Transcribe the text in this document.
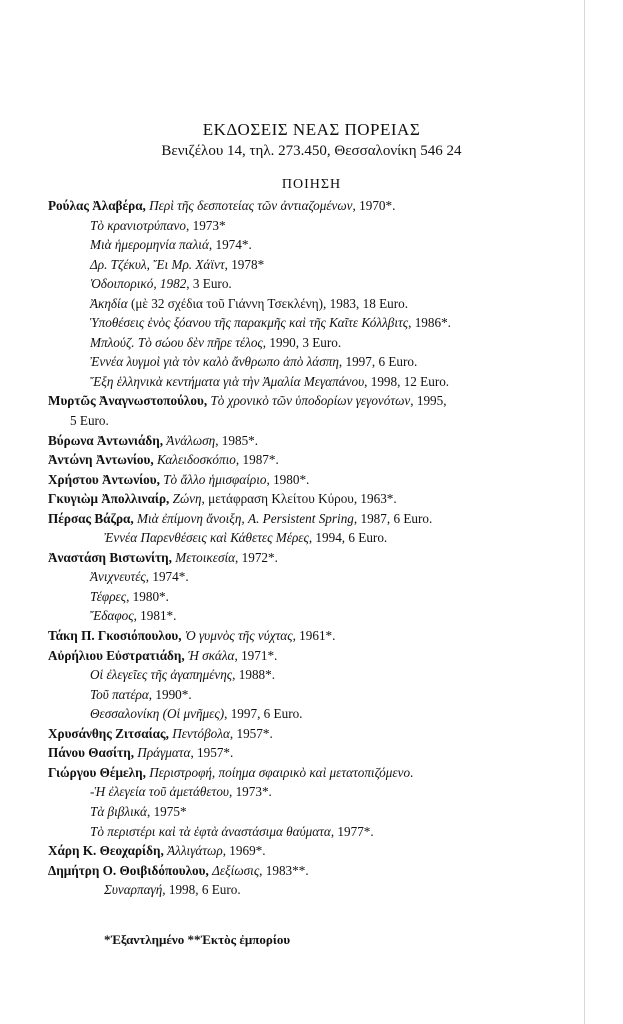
ΕΚΔΟΣΕΙΣ ΝΕΑΣ ΠΟΡΕΙΑΣ
Βενιζέλου 14, τηλ. 273.450, Θεσσαλονίκη 546 24
ΠΟΙΗΣΗ
Ρούλας Ἀλαβέρα, Περὶ τῆς δεσποτείας τῶν ἀντιαζομένων, 1970*.
Τὸ κρανιοτρύπανο, 1973*
Μιὰ ἡμερομηνία παλιά, 1974*.
Δρ. Τζέκυλ, Ἔι Μρ. Χάϊντ, 1978*
Ὁδοιπορικό, 1982, 3 Euro.
Ἀκηδία (μὲ 32 σχέδια τοῦ Γιάννη Τσεκλένη), 1983, 18 Euro.
Ὑποθέσεις ἑνὸς ξόανου τῆς παρακμῆς καὶ τῆς Καῖτε Κόλλβιτς, 1986*.
Μπλούζ. Τὸ σώου δὲν πῆρε τέλος, 1990, 3 Euro.
Ἐννέα λυγμοὶ γιὰ τὸν καλὸ ἄνθρωπο ἀπὸ λάσπη, 1997, 6 Euro.
Ἔξη ἑλληνικὰ κεντήματα γιὰ τὴν Ἀμαλία Μεγαπάνου, 1998, 12 Euro.
Μυρτῶς Ἀναγνωστοπούλου, Τὸ χρονικὸ τῶν ὑποδορίων γεγονότων, 1995,
5 Euro.
Βύρωνα Ἀντωνιάδη, Ἀνάλωση, 1985*.
Ἀντώνη Ἀντωνίου, Καλειδοσκόπιο, 1987*.
Χρήστου Ἀντωνίου, Τὸ ἄλλο ἡμισφαίριο, 1980*.
Γκυγιὼμ Ἀπολλιναίρ, Ζώνη, μετάφραση Κλείτου Κύρου, 1963*.
Πέρσας Βάζρα, Μιὰ ἐπίμονη ἄνοιξη, A. Persistent Spring, 1987, 6 Euro.
Ἐννέα Παρενθέσεις καὶ Κάθετες Μέρες, 1994, 6 Euro.
Ἀναστάση Βιστωνίτη, Μετοικεσία, 1972*.
Ἀνιχνευτές, 1974*.
Τέφρες, 1980*.
Ἔδαφος, 1981*.
Τάκη Π. Γκοσιόπουλου, Ὁ γυμνὸς τῆς νύχτας, 1961*.
Αὐρήλιου Εὐστρατιάδη, Ἡ σκάλα, 1971*.
Οἱ ἐλεγεῖες τῆς ἀγαπημένης, 1988*.
Τοῦ πατέρα, 1990*.
Θεσσαλονίκη (Οἱ μνῆμες), 1997, 6 Euro.
Χρυσάνθης Ζιτσαίας, Πεντόβολα, 1957*.
Πάνου Θασίτη, Πράγματα, 1957*.
Γιώργου Θέμελη, Περιστροφή, ποίημα σφαιρικὸ καὶ μετατοπιζόμενο.
-Ἡ ἐλεγεία τοῦ ἀμετάθετου, 1973*.
Τὰ βιβλικά, 1975*
Τὸ περιστέρι καὶ τὰ ἑφτὰ ἀναστάσιμα θαύματα, 1977*.
Χάρη Κ. Θεοχαρίδη, Ἀλλιγάτωρ, 1969*.
Δημήτρη Ο. Θοιβιδόπουλου, Δεξίωσις, 1983**.
Συναρπαγή, 1998, 6 Euro.
*Ἐξαντλημένο **Ἐκτὸς ἐμπορίου
